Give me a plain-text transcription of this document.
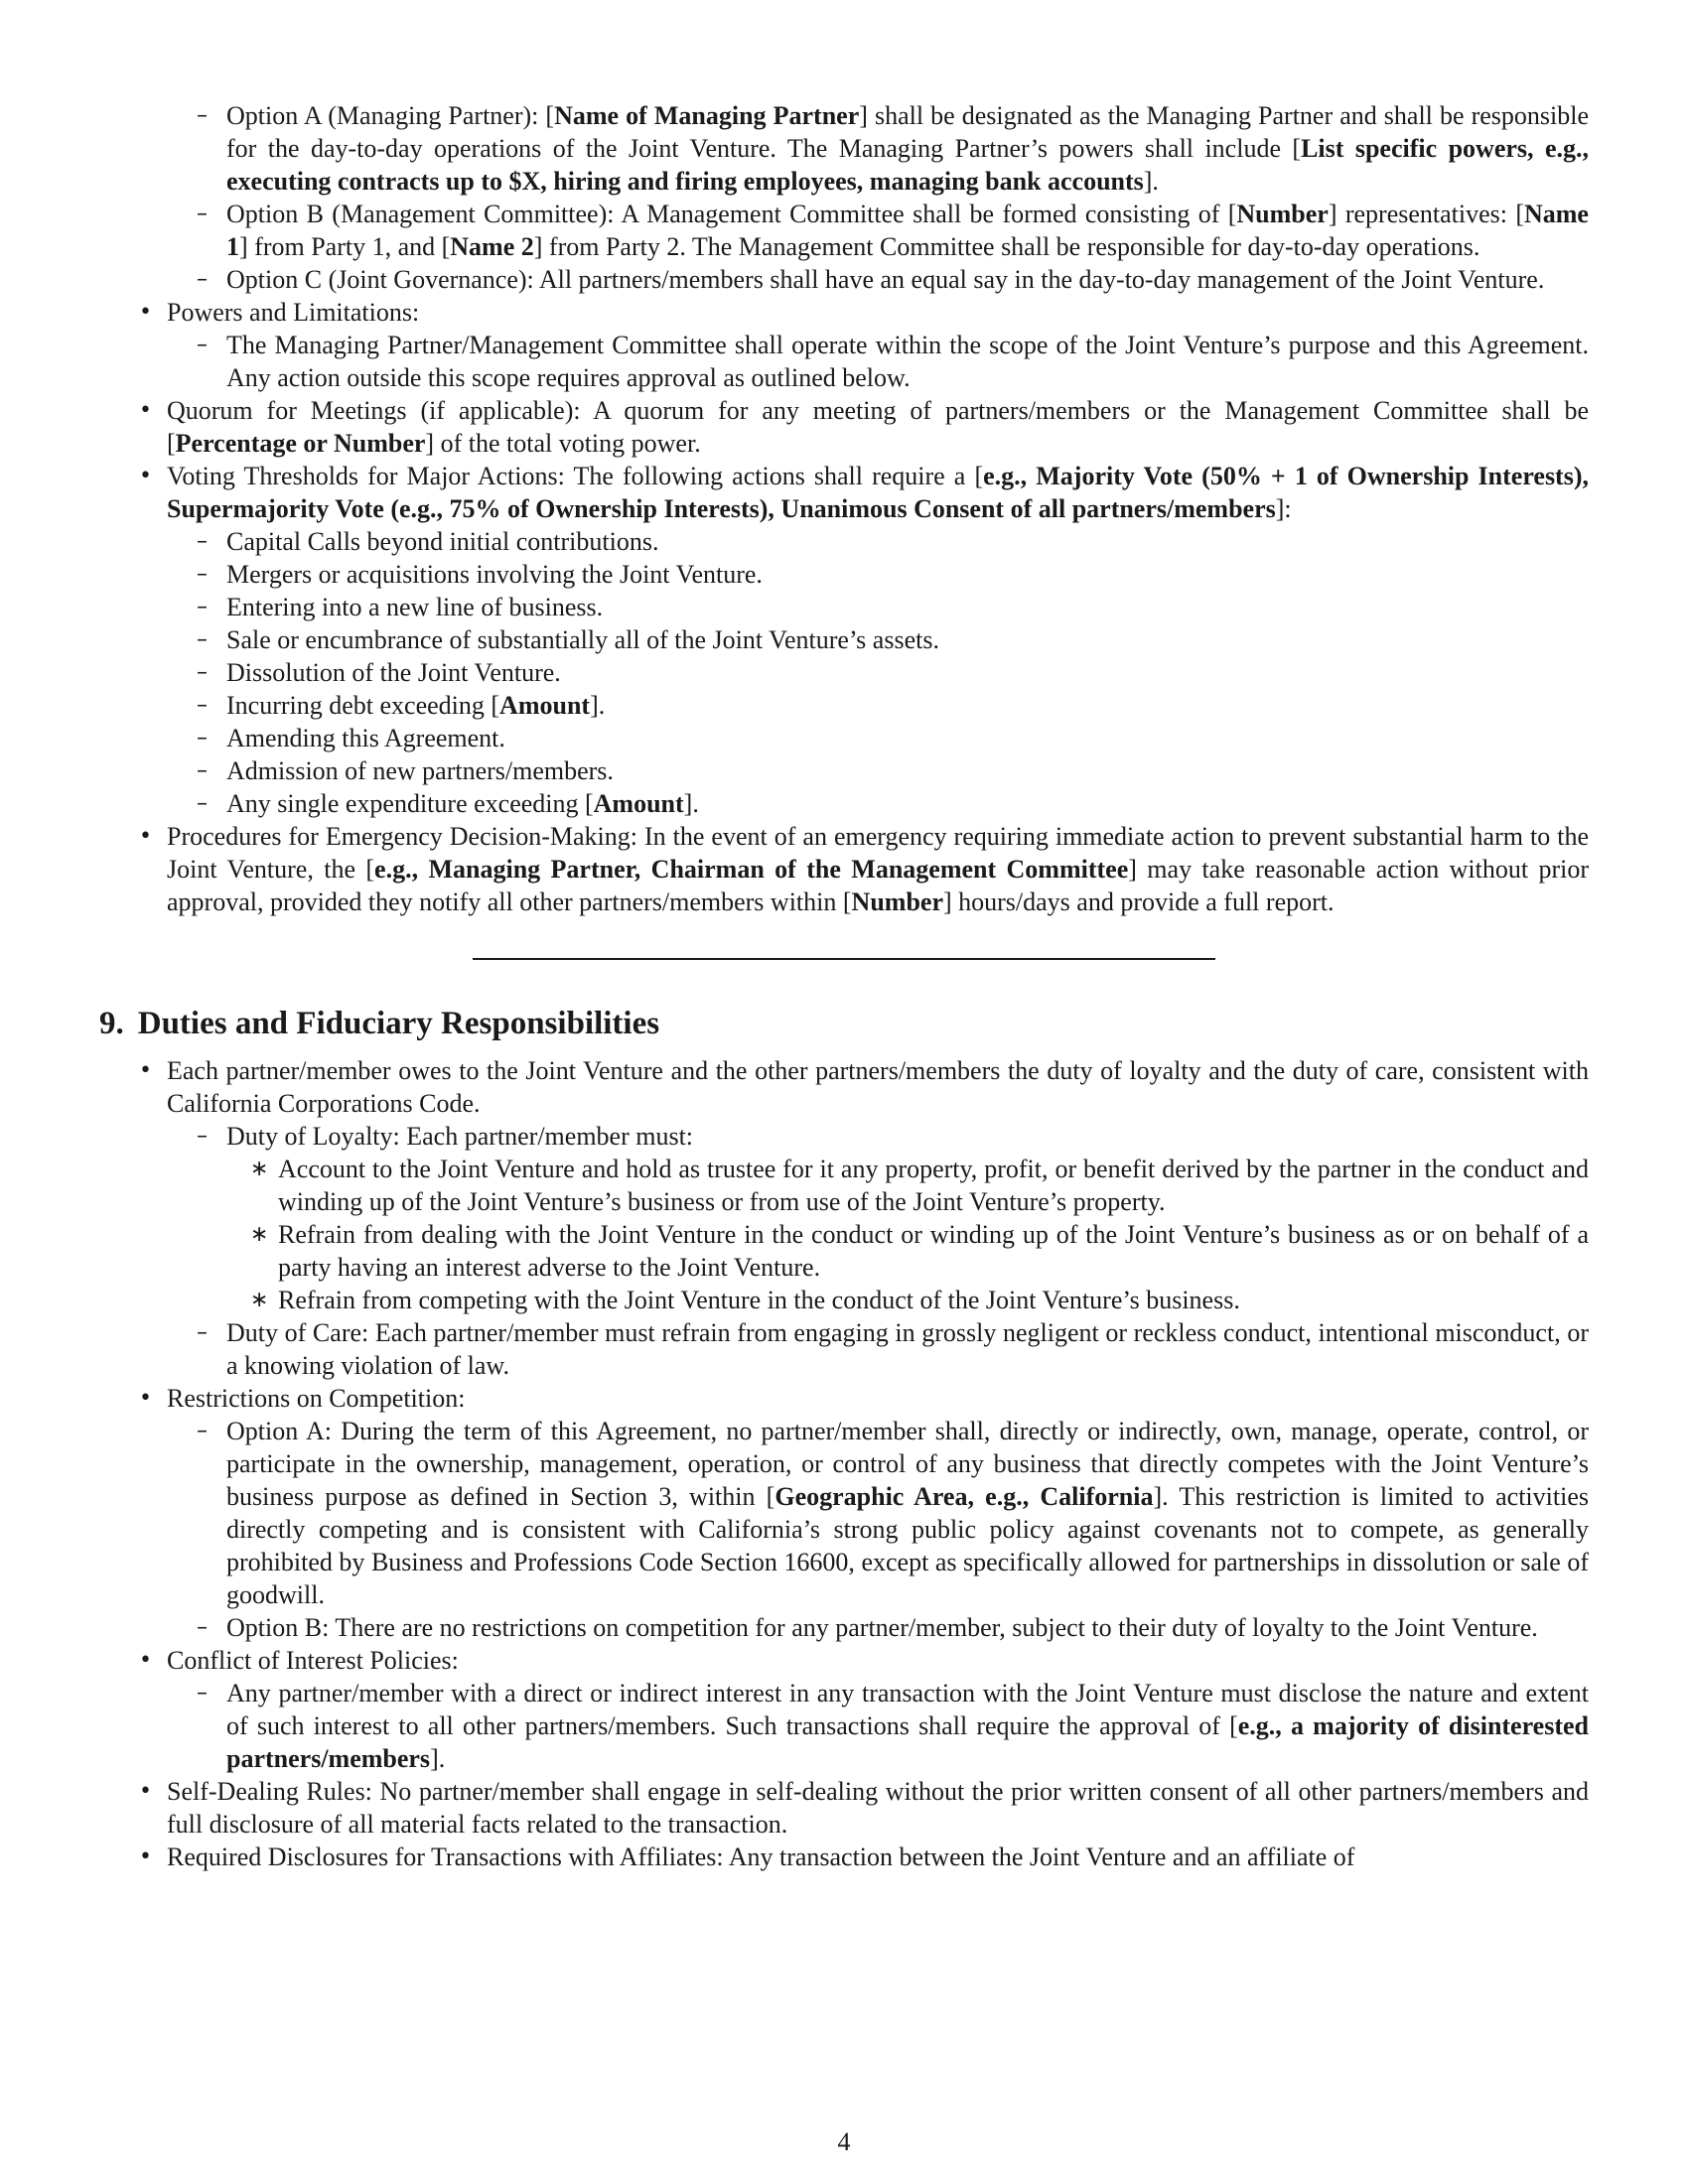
– Option A (Managing Partner): [Name of Managing Partner] shall be designated as the Managing Partner and shall be responsible for the day-to-day operations of the Joint Venture. The Managing Partner’s powers shall include [List specific powers, e.g., executing contracts up to $X, hiring and firing employees, managing bank accounts].
– Option B (Management Committee): A Management Committee shall be formed consisting of [Number] representatives: [Name 1] from Party 1, and [Name 2] from Party 2. The Management Committee shall be responsible for day-to-day operations.
– Option C (Joint Governance): All partners/members shall have an equal say in the day-to-day management of the Joint Venture.
• Powers and Limitations:
– The Managing Partner/Management Committee shall operate within the scope of the Joint Venture’s purpose and this Agreement. Any action outside this scope requires approval as outlined below.
• Quorum for Meetings (if applicable): A quorum for any meeting of partners/members or the Management Committee shall be [Percentage or Number] of the total voting power.
• Voting Thresholds for Major Actions: The following actions shall require a [e.g., Majority Vote (50% + 1 of Ownership Interests), Supermajority Vote (e.g., 75% of Ownership Interests), Unanimous Consent of all partners/members]:
– Capital Calls beyond initial contributions.
– Mergers or acquisitions involving the Joint Venture.
– Entering into a new line of business.
– Sale or encumbrance of substantially all of the Joint Venture’s assets.
– Dissolution of the Joint Venture.
– Incurring debt exceeding [Amount].
– Amending this Agreement.
– Admission of new partners/members.
– Any single expenditure exceeding [Amount].
• Procedures for Emergency Decision-Making: In the event of an emergency requiring immediate action to prevent substantial harm to the Joint Venture, the [e.g., Managing Partner, Chairman of the Management Committee] may take reasonable action without prior approval, provided they notify all other partners/members within [Number] hours/days and provide a full report.
9. Duties and Fiduciary Responsibilities
• Each partner/member owes to the Joint Venture and the other partners/members the duty of loyalty and the duty of care, consistent with California Corporations Code.
– Duty of Loyalty: Each partner/member must:
∗ Account to the Joint Venture and hold as trustee for it any property, profit, or benefit derived by the partner in the conduct and winding up of the Joint Venture’s business or from use of the Joint Venture’s property.
∗ Refrain from dealing with the Joint Venture in the conduct or winding up of the Joint Venture’s business as or on behalf of a party having an interest adverse to the Joint Venture.
∗ Refrain from competing with the Joint Venture in the conduct of the Joint Venture’s business.
– Duty of Care: Each partner/member must refrain from engaging in grossly negligent or reckless conduct, intentional misconduct, or a knowing violation of law.
• Restrictions on Competition:
– Option A: During the term of this Agreement, no partner/member shall, directly or indirectly, own, manage, operate, control, or participate in the ownership, management, operation, or control of any business that directly competes with the Joint Venture’s business purpose as defined in Section 3, within [Geographic Area, e.g., California]. This restriction is limited to activities directly competing and is consistent with California’s strong public policy against covenants not to compete, as generally prohibited by Business and Professions Code Section 16600, except as specifically allowed for partnerships in dissolution or sale of goodwill.
– Option B: There are no restrictions on competition for any partner/member, subject to their duty of loyalty to the Joint Venture.
• Conflict of Interest Policies:
– Any partner/member with a direct or indirect interest in any transaction with the Joint Venture must disclose the nature and extent of such interest to all other partners/members. Such transactions shall require the approval of [e.g., a majority of disinterested partners/members].
• Self-Dealing Rules: No partner/member shall engage in self-dealing without the prior written consent of all other partners/members and full disclosure of all material facts related to the transaction.
• Required Disclosures for Transactions with Affiliates: Any transaction between the Joint Venture and an affiliate of
4
